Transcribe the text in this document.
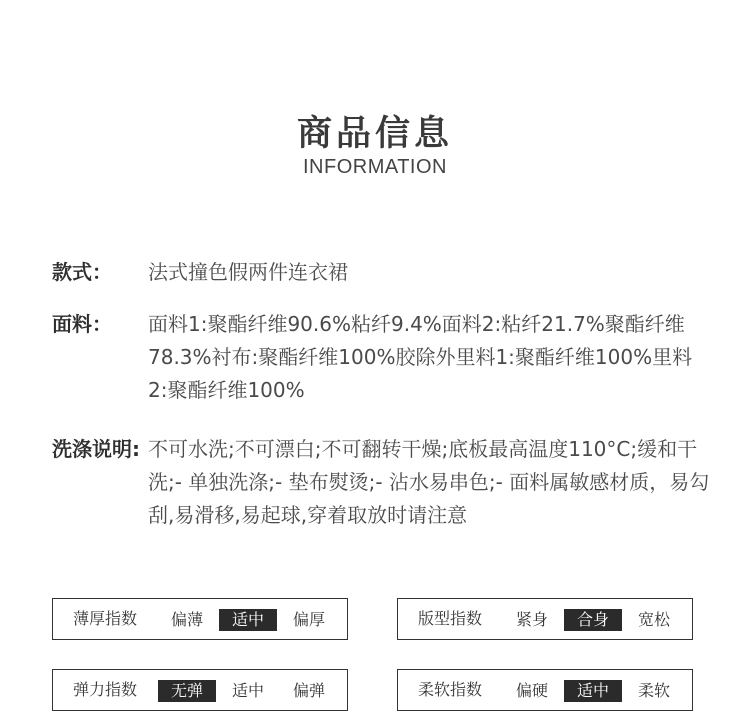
商品信息
INFORMATION
款式： 法式撞色假两件连衣裙
面料： 面料1:聚酯纤维90.6%粘纤9.4%面料2:粘纤21.7%聚酯纤维78.3%衬布:聚酯纤维100%胶除外里料1:聚酯纤维100%里料2:聚酯纤维100%
洗涤说明: 不可水洗;不可漂白;不可翻转干燥;底板最高温度110°C;缓和干洗;- 单独洗涤;- 垫布熨烫;- 沾水易串色;- 面料属敏感材质，易勾刮,易滑移,易起球,穿着取放时请注意
薄厚指数	偏薄	适中	偏厚	版型指数	紧身	合身	宽松
弹力指数	无弹	适中	偏弹	柔软指数	偏硬	适中	柔软
